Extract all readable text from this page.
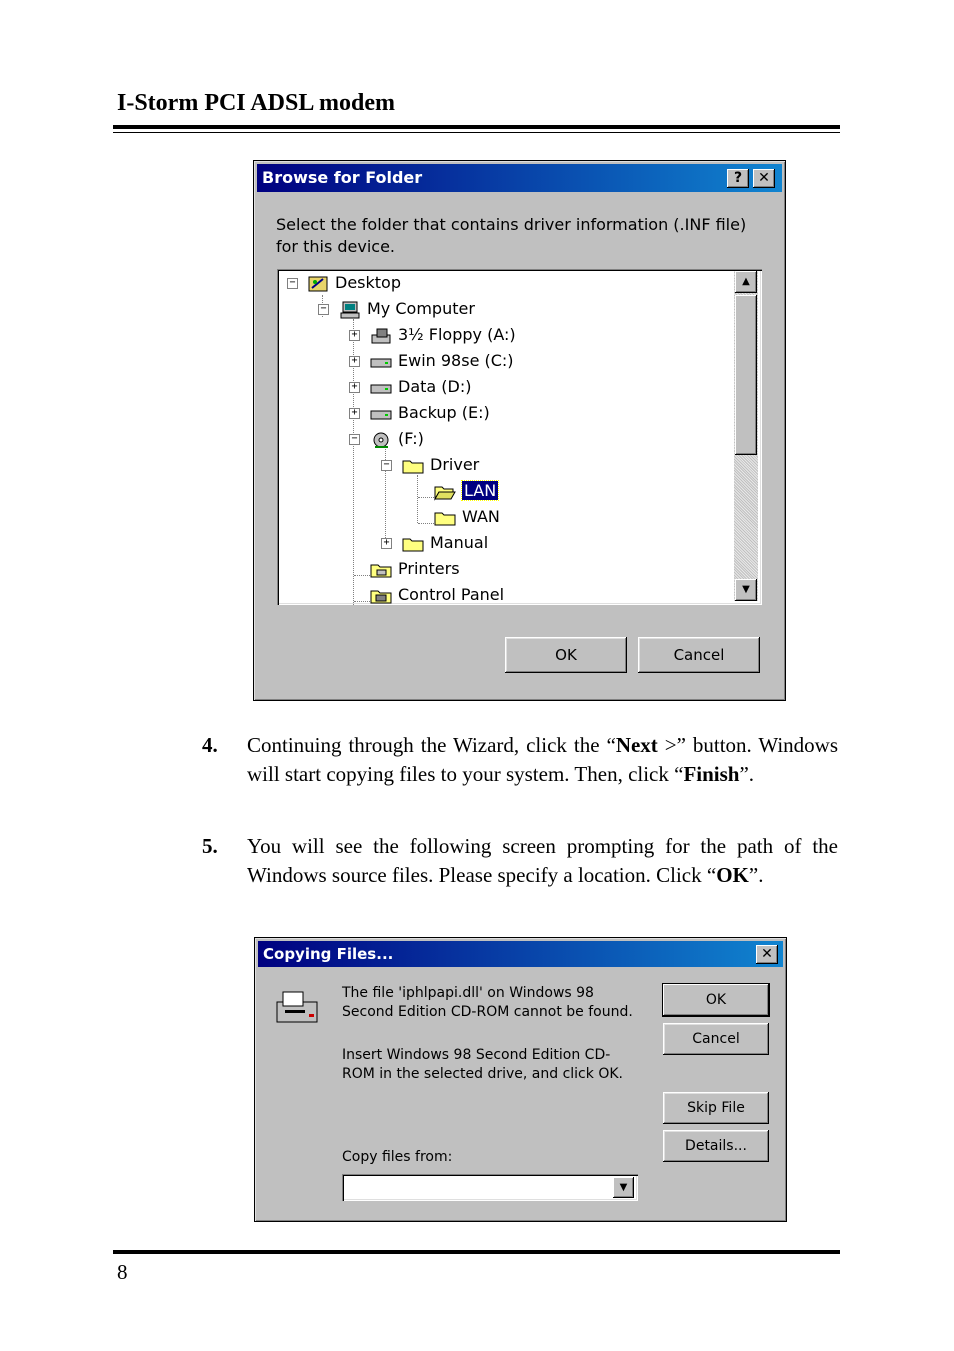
I-Storm PCI ADSL modem
Browse for Folder	?	✕
Select the folder that contains driver information (.INF file) for this device.
−	Desktop
−	My Computer
+	3½ Floppy (A:)
+	Ewin 98se (C:)
+	Data (D:)
+	Backup (E:)
−	(F:)
−	Driver
LAN
WAN
+	Manual
Printers
Control Panel
▲
▼
OK	Cancel
4. Continuing through the Wizard, click the “Next >” button. Windows will start copying files to your system. Then, click “Finish”.
5. You will see the following screen prompting for the path of the Windows source files. Please specify a location. Click “OK”.
Copying Files...	✕
The file 'iphlpapi.dll' on Windows 98 Second Edition CD-ROM cannot be found.
Insert Windows 98 Second Edition CD-ROM in the selected drive, and click OK.
OK
Cancel
Skip File
Details...
Copy files from:
▼
8
